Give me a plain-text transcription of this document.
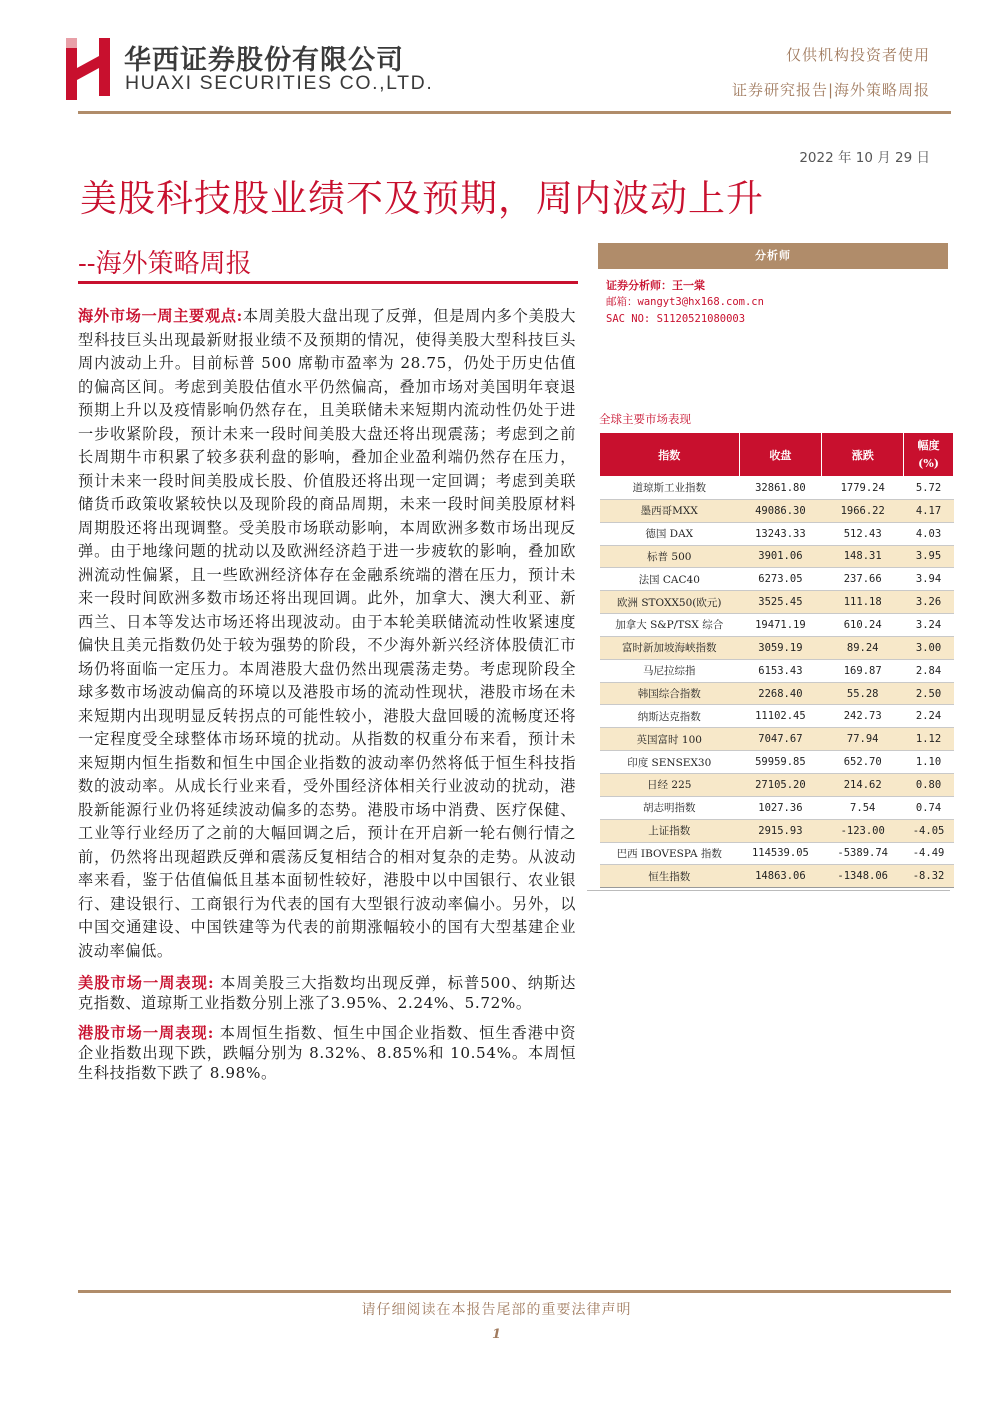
华西证券股份有限公司
HUAXI SECURITIES CO.,LTD.
仅供机构投资者使用
证券研究报告|海外策略周报
2022 年 10 月 29 日
美股科技股业绩不及预期，周内波动上升
--海外策略周报

海外市场一周主要观点:本周美股大盘出现了反弹，但是周内多个美股大型科技巨头出现最新财报业绩不及预期的情况，使得美股大型科技巨头周内波动上升。目前标普 500 席勒市盈率为 28.75，仍处于历史估值的偏高区间。考虑到美股估值水平仍然偏高，叠加市场对美国明年衰退预期上升以及疫情影响仍然存在，且美联储未来短期内流动性仍处于进一步收紧阶段，预计未来一段时间美股大盘还将出现震荡；考虑到之前长周期牛市积累了较多获利盘的影响，叠加企业盈利端仍然存在压力，预计未来一段时间美股成长股、价值股还将出现一定回调；考虑到美联储货币政策收紧较快以及现阶段的商品周期，未来一段时间美股原材料周期股还将出现调整。受美股市场联动影响，本周欧洲多数市场出现反弹。由于地缘问题的扰动以及欧洲经济趋于进一步疲软的影响，叠加欧洲流动性偏紧，且一些欧洲经济体存在金融系统端的潜在压力，预计未来一段时间欧洲多数市场还将出现回调。此外，加拿大、澳大利亚、新西兰、日本等发达市场还将出现波动。由于本轮美联储流动性收紧速度偏快且美元指数仍处于较为强势的阶段，不少海外新兴经济体股债汇市场仍将面临一定压力。本周港股大盘仍然出现震荡走势。考虑现阶段全球多数市场波动偏高的环境以及港股市场的流动性现状，港股市场在未来短期内出现明显反转拐点的可能性较小，港股大盘回暖的流畅度还将一定程度受全球整体市场环境的扰动。从指数的权重分布来看，预计未来短期内恒生指数和恒生中国企业指数的波动率仍然将低于恒生科技指数的波动率。从成长行业来看，受外围经济体相关行业波动的扰动，港股新能源行业仍将延续波动偏多的态势。港股市场中消费、医疗保健、工业等行业经历了之前的大幅回调之后，预计在开启新一轮右侧行情之前，仍然将出现超跌反弹和震荡反复相结合的相对复杂的走势。从波动率来看，鉴于估值偏低且基本面韧性较好，港股中以中国银行、农业银行、建设银行、工商银行为代表的国有大型银行波动率偏小。另外，以中国交通建设、中国铁建等为代表的前期涨幅较小的国有大型基建企业波动率偏低。

美股市场一周表现: 本周美股三大指数均出现反弹，标普500、纳斯达克指数、道琼斯工业指数分别上涨了3.95%、2.24%、5.72%。

港股市场一周表现: 本周恒生指数、恒生中国企业指数、恒生香港中资企业指数出现下跌，跌幅分别为 8.32%、8.85%和 10.54%。本周恒生科技指数下跌了 8.98%。

分析师
证券分析师：王一棠
邮箱：wangyt3@hx168.com.cn
SAC NO: S1120521080003
全球主要市场表现
指数	收盘	涨跌	幅度
(%)
道琼斯工业指数	32861.80	1779.24	5.72
墨西哥MXX	49086.30	1966.22	4.17
德国 DAX	13243.33	512.43	4.03
标普 500	3901.06	148.31	3.95
法国 CAC40	6273.05	237.66	3.94
欧洲 STOXX50(欧元)	3525.45	111.18	3.26
加拿大 S&P/TSX 综合	19471.19	610.24	3.24
富时新加坡海峡指数	3059.19	89.24	3.00
马尼拉综指	6153.43	169.87	2.84
韩国综合指数	2268.40	55.28	2.50
纳斯达克指数	11102.45	242.73	2.24
英国富时 100	7047.67	77.94	1.12
印度 SENSEX30	59959.85	652.70	1.10
日经 225	27105.20	214.62	0.80
胡志明指数	1027.36	7.54	0.74
上证指数	2915.93	-123.00	-4.05
巴西 IBOVESPA 指数	114539.05	-5389.74	-4.49
恒生指数	14863.06	-1348.06	-8.32
请仔细阅读在本报告尾部的重要法律声明
1
